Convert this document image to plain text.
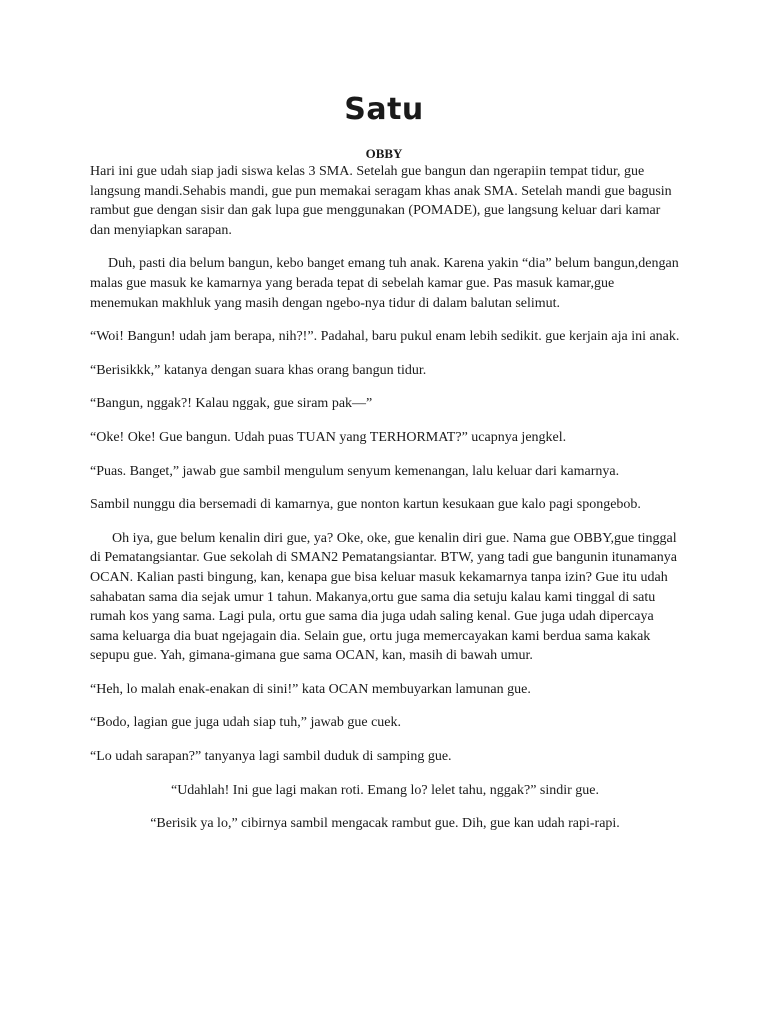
Satu
OBBY

Hari ini gue udah siap jadi siswa kelas 3 SMA. Setelah gue bangun dan ngerapiin tempat tidur, gue langsung mandi.Sehabis mandi, gue pun memakai seragam khas anak SMA. Setelah mandi gue bagusin rambut gue dengan sisir dan gak lupa gue menggunakan (POMADE), gue langsung keluar dari kamar dan menyiapkan sarapan.

Duh, pasti dia belum bangun, kebo banget emang tuh anak. Karena yakin “dia” belum bangun,dengan malas gue masuk ke kamarnya yang berada tepat di sebelah kamar gue. Pas masuk kamar,gue menemukan makhluk yang masih dengan ngebo-nya tidur di dalam balutan selimut.

“Woi! Bangun! udah jam berapa, nih?!”. Padahal, baru pukul enam lebih sedikit. gue kerjain aja ini anak.

“Berisikkk,” katanya dengan suara khas orang bangun tidur.

“Bangun, nggak?! Kalau nggak, gue siram pak—”

“Oke! Oke! Gue bangun. Udah puas TUAN yang TERHORMAT?” ucapnya jengkel.

“Puas. Banget,” jawab gue sambil mengulum senyum kemenangan, lalu keluar dari kamarnya.

Sambil nunggu dia bersemadi di kamarnya, gue nonton kartun kesukaan gue kalo pagi spongebob.

Oh iya, gue belum kenalin diri gue, ya? Oke, oke, gue kenalin diri gue. Nama gue OBBY,gue tinggal di Pematangsiantar. Gue sekolah di SMAN2 Pematangsiantar. BTW, yang tadi gue bangunin itunamanya OCAN. Kalian pasti bingung, kan, kenapa gue bisa keluar masuk kekamarnya tanpa izin? Gue itu udah sahabatan sama dia sejak umur 1 tahun. Makanya,ortu gue sama dia setuju kalau kami tinggal di satu rumah kos yang sama. Lagi pula, ortu gue sama dia juga udah saling kenal. Gue juga udah dipercaya sama keluarga dia buat ngejagain dia. Selain gue, ortu juga memercayakan kami berdua sama kakak sepupu gue. Yah, gimana-gimana gue sama OCAN, kan, masih di bawah umur.

“Heh, lo malah enak-enakan di sini!” kata OCAN membuyarkan lamunan gue.

“Bodo, lagian gue juga udah siap tuh,” jawab gue cuek.

“Lo udah sarapan?” tanyanya lagi sambil duduk di samping gue.

“Udahlah! Ini gue lagi makan roti. Emang lo? lelet tahu, nggak?” sindir gue.

“Berisik ya lo,” cibirnya sambil mengacak rambut gue. Dih, gue kan udah rapi-rapi.
